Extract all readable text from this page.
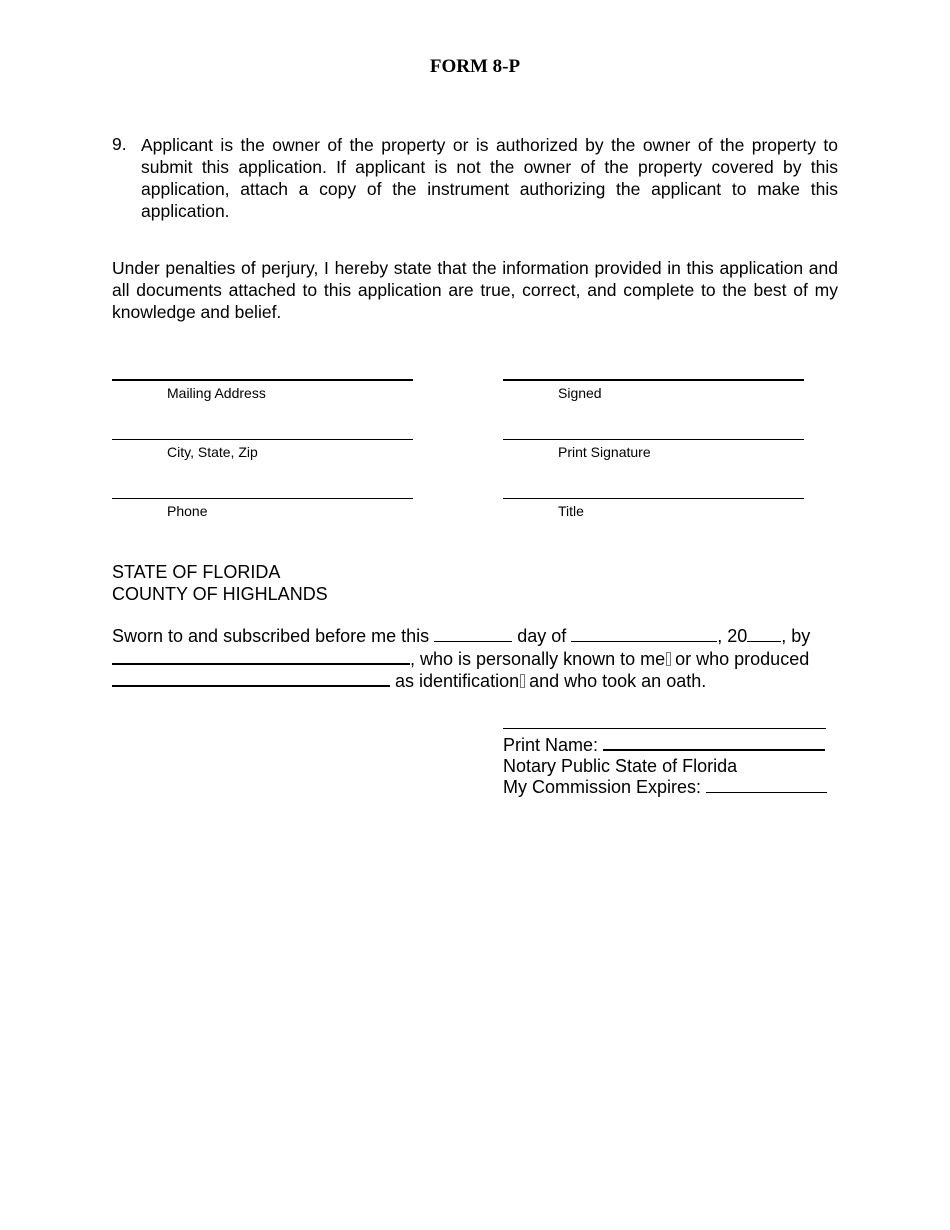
FORM 8-P
9. Applicant is the owner of the property or is authorized by the owner of the property to submit this application. If applicant is not the owner of the property covered by this application, attach a copy of the instrument authorizing the applicant to make this application.
Under penalties of perjury, I hereby state that the information provided in this application and all documents attached to this application are true, correct, and complete to the best of my knowledge and belief.
Mailing Address
City, State, Zip
Phone
Signed
Print Signature
Title
STATE OF FLORIDA
COUNTY OF HIGHLANDS
Sworn to and subscribed before me this	day of	, 20 , by
, who is personally known to me or who produced
as identification and who took an oath.
Print Name:
Notary Public State of Florida
My Commission Expires:
